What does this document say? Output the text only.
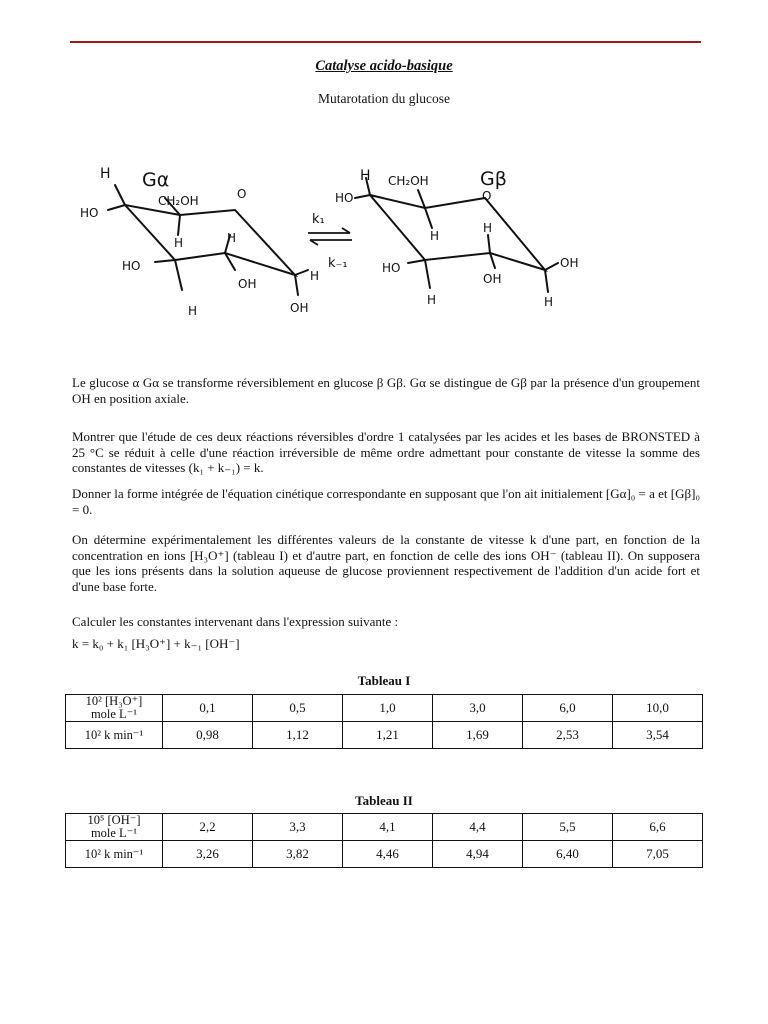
Catalyse acido-basique
Mutarotation du glucose
H Gα
CH₂OH	O
HO
H	H
HO
OH
H
OH
H
k₁
k₋₁
H CH₂OH	Gβ
O
HO
H
H
HO
OH
OH
H	H

Le glucose α Gα se transforme réversiblement en glucose β Gβ. Gα se distingue de Gβ par la présence d'un groupement OH en position axiale.

Montrer que l'étude de ces deux réactions réversibles d'ordre 1 catalysées par les acides et les bases de BRONSTED à 25 °C se réduit à celle d'une réaction irréversible de même ordre admettant pour constante de vitesse la somme des constantes de vitesses (k₁ + k₋₁) = k.

Donner la forme intégrée de l'équation cinétique correspondante en supposant que l'on ait initialement [Gα]₀ = a et [Gβ]₀ = 0.

On détermine expérimentalement les différentes valeurs de la constante de vitesse k d'une part, en fonction de la concentration en ions [H₃O⁺] (tableau I) et d'autre part, en fonction de celle des ions OH⁻ (tableau II). On supposera que les ions présents dans la solution aqueuse de glucose proviennent respectivement de l'addition d'un acide fort et d'une base forte.

Calculer les constantes intervenant dans l'expression suivante :

k = k₀ + k₁ [H₃O⁺] + k₋₁ [OH⁻]

Tableau I
10² [H₃O⁺]
mole L⁻¹	0,1	0,5	1,0	3,0	6,0	10,0
10² k min⁻¹	0,98	1,12	1,21	1,69	2,53	3,54
Tableau II
10⁵ [OH⁻]
mole L⁻¹	2,2	3,3	4,1	4,4	5,5	6,6
10² k min⁻¹	3,26	3,82	4,46	4,94	6,40	7,05
